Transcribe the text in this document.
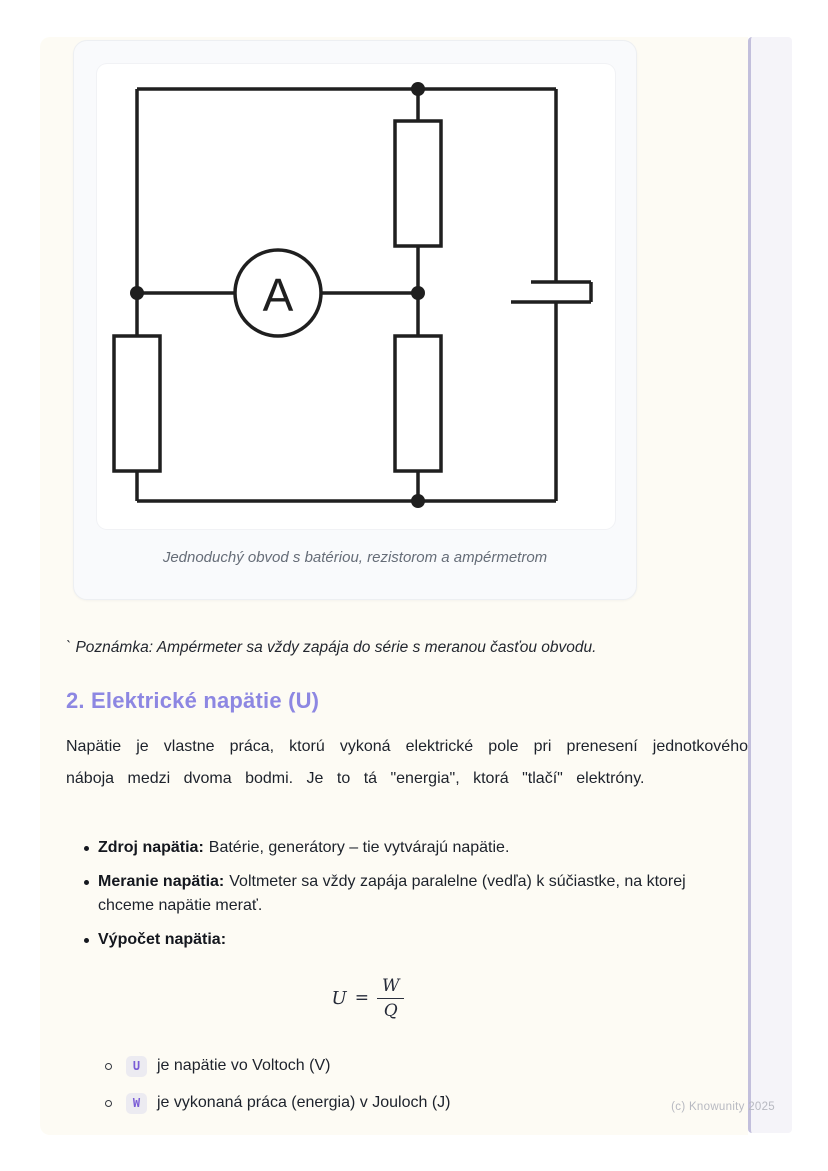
A
Jednoduchý obvod s batériou, rezistorom a ampérmetrom

` Poznámka: Ampérmeter sa vždy zapája do série s meranou časťou obvodu.

2. Elektrické napätie (U)

Napätie je vlastne práca, ktorú vykoná elektrické pole pri prenesení jednotkového náboja medzi dvoma bodmi. Je to tá "energia", ktorá "tlačí" elektróny.

Zdroj napätia: Batérie, generátory – tie vytvárajú napätie.
Meranie napätia: Voltmeter sa vždy zapája paralelne (vedľa) k súčiastke, na ktorej chceme napätie merať.
Výpočet napätia:
$U = \frac{W}{Q}$
U	je napätie vo Voltoch (V)
W	je vykonaná práca (energia) v Jouloch (J)	(c) Knowunity 2025
